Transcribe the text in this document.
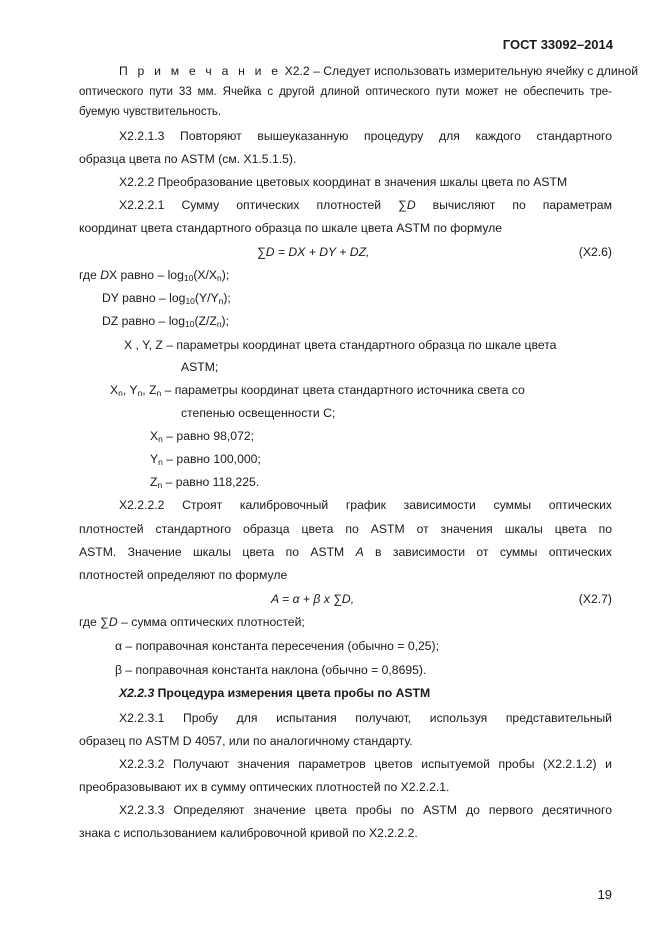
ГОСТ 33092–2014
П р и м е ч а н и е X2.2 – Следует использовать измерительную ячейку с длиной
оптического пути 33 мм. Ячейка с другой длиной оптического пути может не обеспечить тре-
буемую чувствительность.
X2.2.1.3 Повторяют вышеуказанную процедуру для каждого стандартного
образца цвета по ASTM (см. X1.5.1.5).
X2.2.2 Преобразование цветовых координат в значения шкалы цвета по ASTM
X2.2.2.1 Сумму оптических плотностей ∑D вычисляют по параметрам
координат цвета стандартного образца по шкале цвета ASTM по формуле
∑D = DX + DY + DZ,	(X2.6)
где DX равно – $\log_{10}(X/X_n)$;
DY равно – $\log_{10}(Y/Y_n)$;
DZ равно – $\log_{10}(Z/Z_n)$;
X , Y, Z – параметры координат цвета стандартного образца по шкале цвета
ASTM;
$X_n$, $Y_n$, $Z_n$ – параметры координат цвета стандартного источника света со
степенью освещенности С;
$X_n$ – равно 98,072;
$Y_n$ – равно 100,000;
$Z_n$ – равно 118,225.
X2.2.2.2 Строят калибровочный график зависимости суммы оптических
плотностей стандартного образца цвета по ASTM от значения шкалы цвета по
ASTM. Значение шкалы цвета по ASTM A в зависимости от суммы оптических
плотностей определяют по формуле
A = α + β x ∑D,	(X2.7)
где ∑D – сумма оптических плотностей;
α – поправочная константа пересечения (обычно = 0,25);
β – поправочная константа наклона (обычно = 0,8695).
X2.2.3 Процедура измерения цвета пробы по ASTM
X2.2.3.1 Пробу для испытания получают, используя представительный
образец по ASTM D 4057, или по аналогичному стандарту.
X2.2.3.2 Получают значения параметров цветов испытуемой пробы (X2.2.1.2) и
преобразовывают их в сумму оптических плотностей по X2.2.2.1.
X2.2.3.3 Определяют значение цвета пробы по ASTM до первого десятичного
знака с использованием калибровочной кривой по X2.2.2.2.
19
